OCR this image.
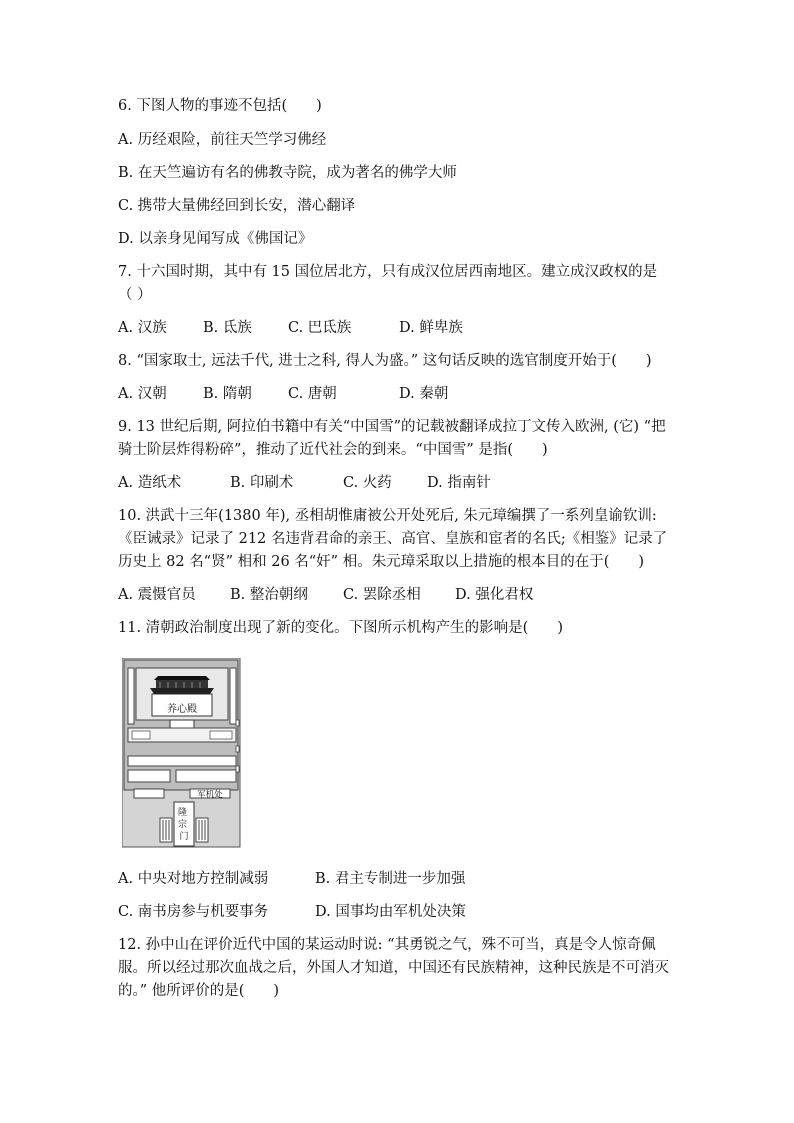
6. 下图人物的事迹不包括(　　)
A. 历经艰险，前往天竺学习佛经
B. 在天竺遍访有名的佛教寺院，成为著名的佛学大师
C. 携带大量佛经回到长安，潜心翻译
D. 以亲身见闻写成《佛国记》
7. 十六国时期，其中有 15 国位居北方，只有成汉位居西南地区。建立成汉政权的是
（ ）
A. 汉族	B. 氐族 C. 巴氐族	D. 鲜卑族
8. “国家取士, 远法千代, 进士之科, 得人为盛。” 这句话反映的选官制度开始于(　　)
A. 汉朝	B. 隋朝 C. 唐朝	D. 秦朝
9. 13 世纪后期, 阿拉伯书籍中有关“中国雪”的记载被翻译成拉丁文传入欧洲, (它) “把
骑士阶层炸得粉碎”，推动了近代社会的到来。“中国雪” 是指(　　)
A. 造纸术	B. 印刷术	C. 火药 D. 指南针
10. 洪武十三年(1380 年), 丞相胡惟庸被公开处死后, 朱元璋编撰了一系列皇谕钦训:
《臣诫录》记录了 212 名违背君命的亲王、高官、皇族和宦者的名氏;《相鉴》记录了
历史上 82 名“贤” 相和 26 名“奸” 相。朱元璋采取以上措施的根本目的在于(　　)
A. 震慑官员 B. 整治朝纲 C. 罢除丞相 D. 强化君权
11. 清朝政治制度出现了新的变化。下图所示机构产生的影响是(　　)
养心殿
军机处
隆 宗 门
A. 中央对地方控制减弱	B. 君主专制进一步加强
C. 南书房参与机要事务	D. 国事均由军机处决策
12. 孙中山在评价近代中国的某运动时说: “其勇锐之气，殊不可当，真是令人惊奇佩
服。所以经过那次血战之后，外国人才知道，中国还有民族精神，这种民族是不可消灭
的。” 他所评价的是(　　)
